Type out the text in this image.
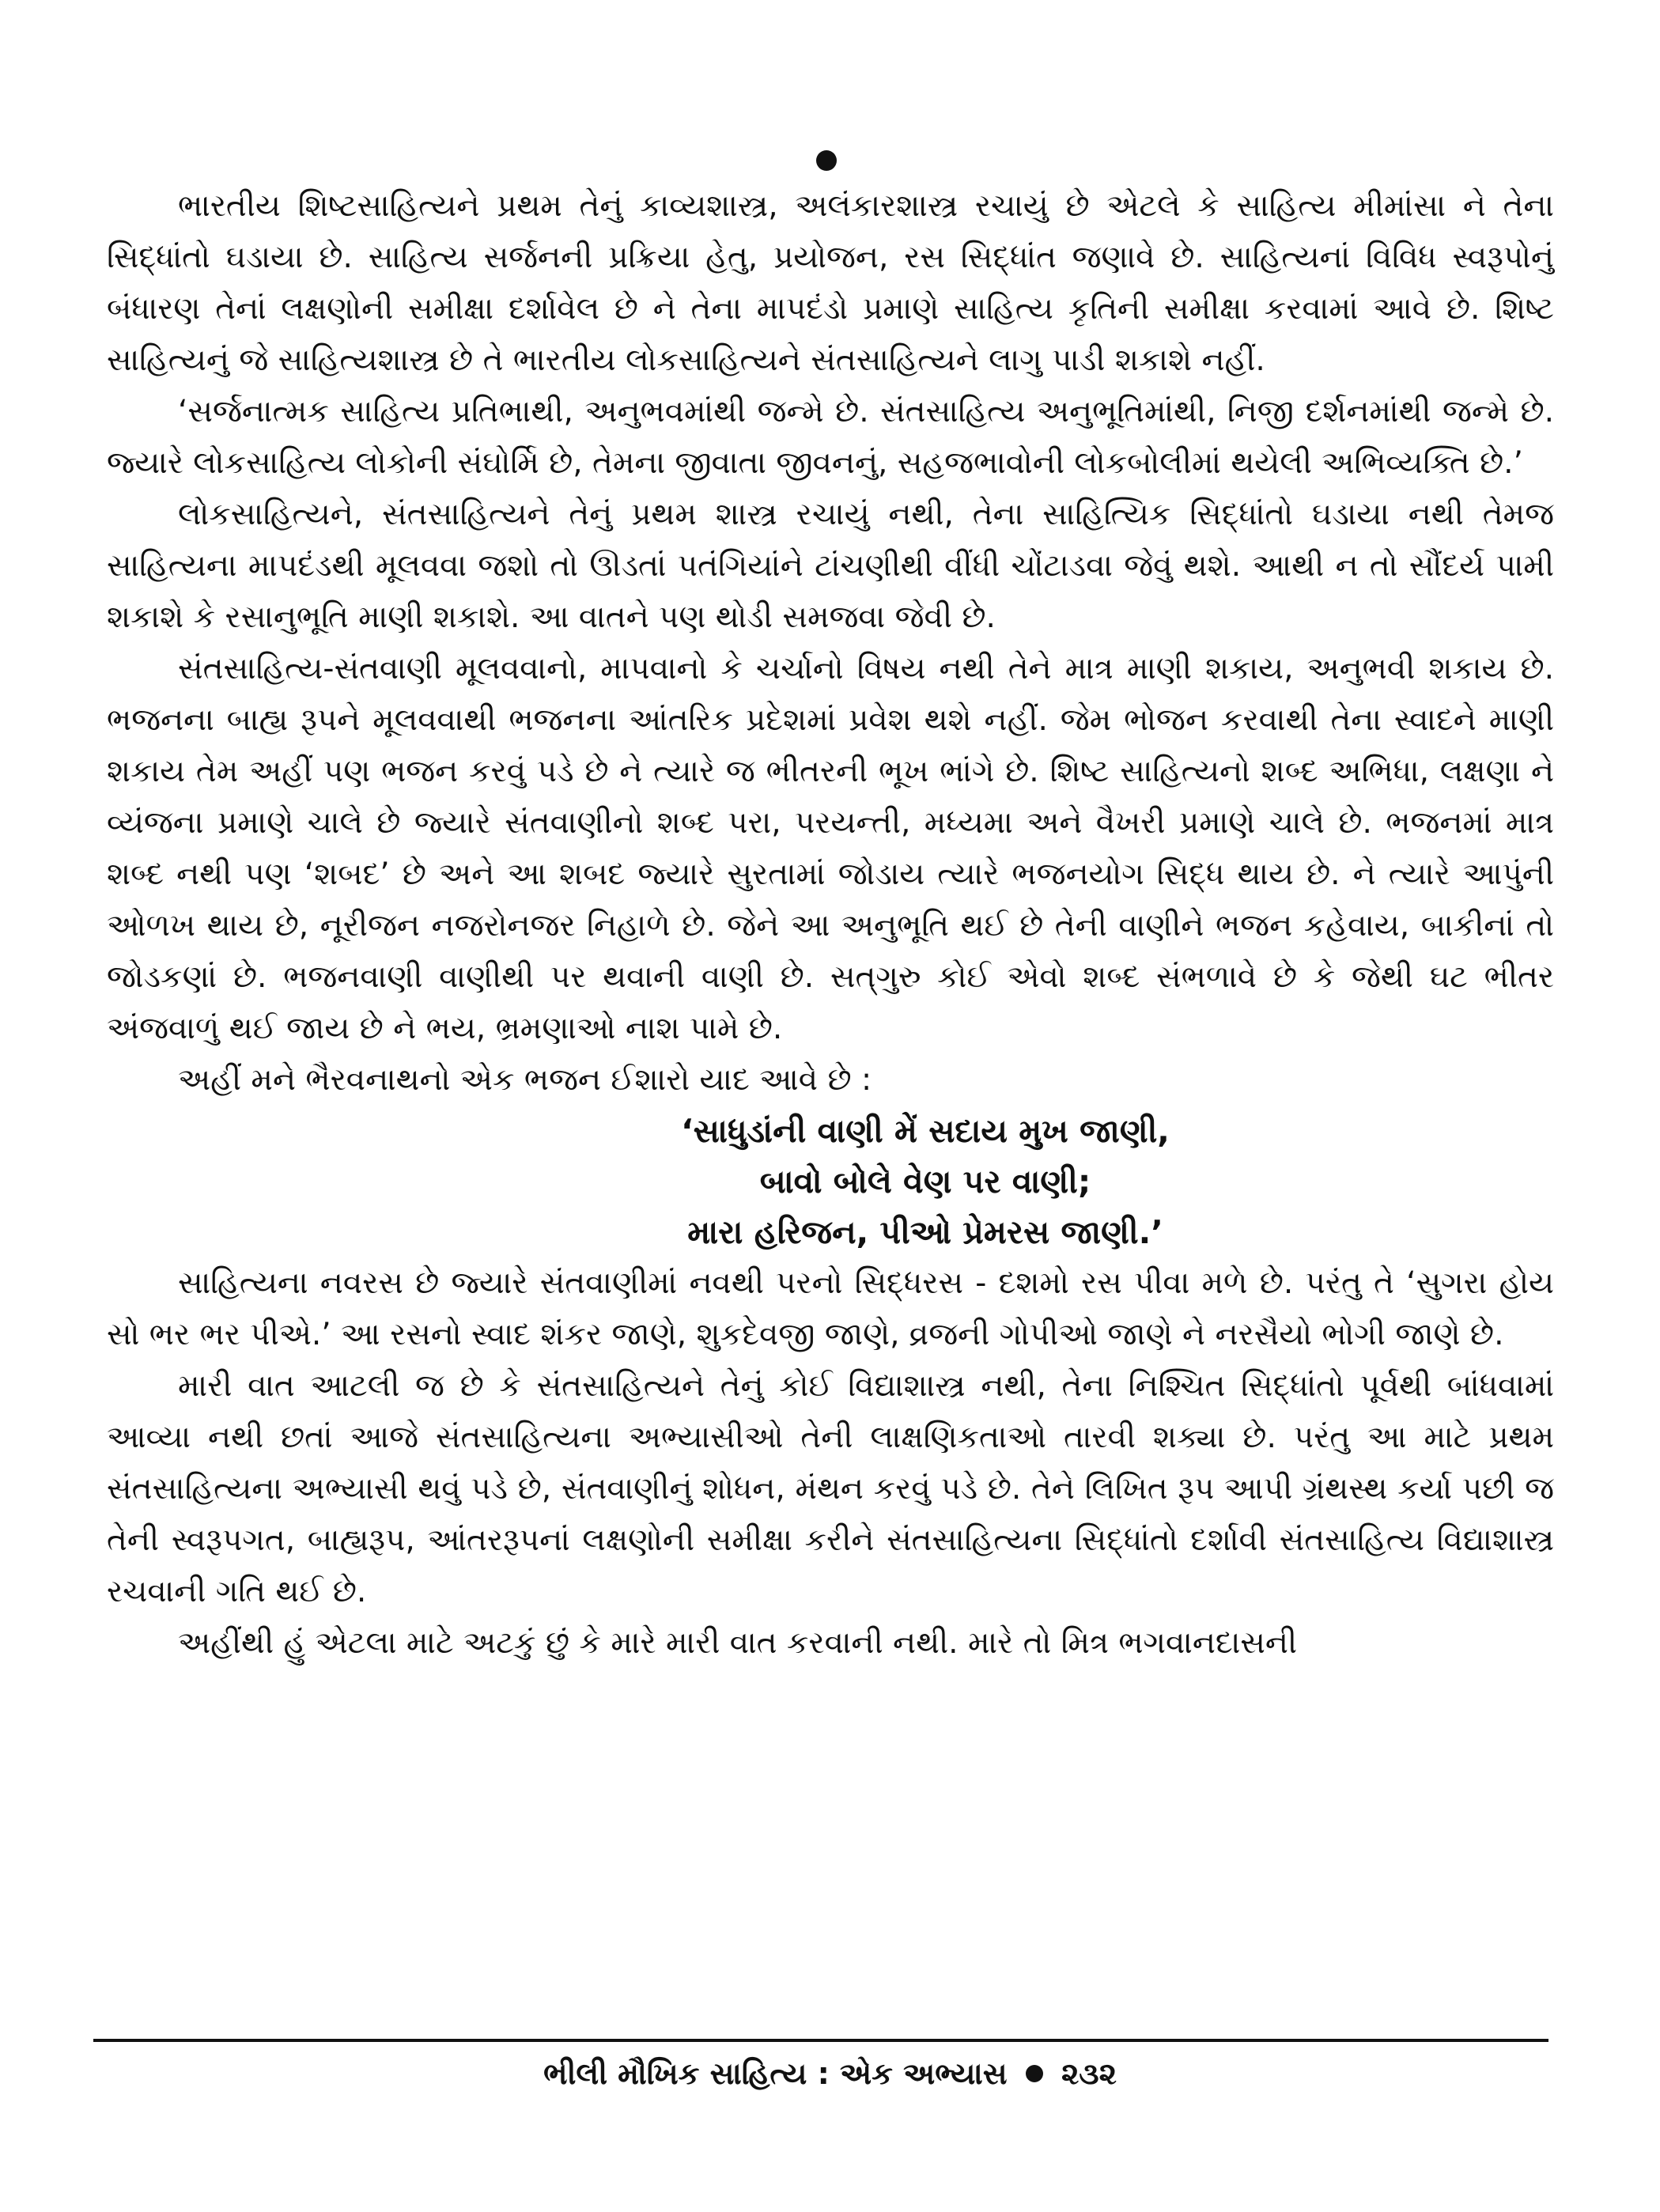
ભારતીય શિષ્ટસાહિત્યને પ્રથમ તેનું કાવ્યશાસ્ત્ર, અલંકારશાસ્ત્ર રચાયું છે એટલે કે સાહિત્ય મીમાંસા ને તેના સિદ્ધાંતો ઘડાયા છે. સાહિત્ય સર્જનની પ્રક્રિયા હેતુ, પ્રયોજન, રસ સિદ્ધાંત જણાવે છે. સાહિત્યનાં વિવિધ સ્વરૂપોનું બંધારણ તેનાં લક્ષણોની સમીક્ષા દર્શાવેલ છે ને તેના માપદંડો પ્રમાણે સાહિત્ય કૃતિની સમીક્ષા કરવામાં આવે છે. શિષ્ટ સાહિત્યનું જે સાહિત્યશાસ્ત્ર છે તે ભારતીય લોકસાહિત્યને સંતસાહિત્યને લાગુ પાડી શકાશે નહીં.

‘સર્જનાત્મક સાહિત્ય પ્રતિભાથી, અનુભવમાંથી જન્મે છે. સંતસાહિત્ય અનુભૂતિમાંથી, નિજી દર્શનમાંથી જન્મે છે. જ્યારે લોકસાહિત્ય લોકોની સંઘોર્મિ છે, તેમના જીવાતા જીવનનું, સહજભાવોની લોકબોલીમાં થયેલી અભિવ્યક્તિ છે.’

લોકસાહિત્યને, સંતસાહિત્યને તેનું પ્રથમ શાસ્ત્ર રચાયું નથી, તેના સાહિત્યિક સિદ્ધાંતો ઘડાયા નથી તેમજ સાહિત્યના માપદંડથી મૂલવવા જશો તો ઊડતાં પતંગિયાંને ટાંચણીથી વીંધી ચોંટાડવા જેવું થશે. આથી ન તો સૌંદર્ય પામી શકાશે કે રસાનુભૂતિ માણી શકાશે. આ વાતને પણ થોડી સમજવા જેવી છે.

સંતસાહિત્ય-સંતવાણી મૂલવવાનો, માપવાનો કે ચર્ચાનો વિષય નથી તેને માત્ર માણી શકાય, અનુભવી શકાય છે. ભજનના બાહ્ય રૂપને મૂલવવાથી ભજનના આંતરિક પ્રદેશમાં પ્રવેશ થશે નહીં. જેમ ભોજન કરવાથી તેના સ્વાદને માણી શકાય તેમ અહીં પણ ભજન કરવું પડે છે ને ત્યારે જ ભીતરની ભૂખ ભાંગે છે. શિષ્ટ સાહિત્યનો શબ્દ અભિધા, લક્ષણા ને વ્યંજના પ્રમાણે ચાલે છે જ્યારે સંતવાણીનો શબ્દ પરા, પરયન્તી, મધ્યમા અને વૈખરી પ્રમાણે ચાલે છે. ભજનમાં માત્ર શબ્દ નથી પણ ‘શબદ’ છે અને આ શબદ જ્યારે સુરતામાં જોડાય ત્યારે ભજનયોગ સિદ્ધ થાય છે. ને ત્યારે આપુંની ઓળખ થાય છે, નૂરીજન નજરોનજર નિહાળે છે. જેને આ અનુભૂતિ થઈ છે તેની વાણીને ભજન કહેવાય, બાકીનાં તો જોડકણાં છે. ભજનવાણી વાણીથી પર થવાની વાણી છે. સત્‌ગુરુ કોઈ એવો શબ્દ સંભળાવે છે કે જેથી ઘટ ભીતર અંજવાળું થઈ જાય છે ને ભય, ભ્રમણાઓ નાશ પામે છે.

અહીં મને ભૈરવનાથનો એક ભજન ઈશારો યાદ આવે છે :

‘સાધુડાંની વાણી મેં સદાય મુખ જાણી,
બાવો બોલે વેણ પર વાણી;
મારા હરિજન, પીઓ પ્રેમરસ જાણી.’

સાહિત્યના નવરસ છે જ્યારે સંતવાણીમાં નવથી પરનો સિદ્ધરસ - દશમો રસ પીવા મળે છે. પરંતુ તે ‘સુગરા હોય સો ભર ભર પીએ.’ આ રસનો સ્વાદ શંકર જાણે, શુકદેવજી જાણે, વ્રજની ગોપીઓ જાણે ને નરસૈયો ભોગી જાણે છે.

મારી વાત આટલી જ છે કે સંતસાહિત્યને તેનું કોઈ વિદ્યાશાસ્ત્ર નથી, તેના નિશ્ચિત સિદ્ધાંતો પૂર્વથી બાંધવામાં આવ્યા નથી છતાં આજે સંતસાહિત્યના અભ્યાસીઓ તેની લાક્ષણિકતાઓ તારવી શક્યા છે. પરંતુ આ માટે પ્રથમ સંતસાહિત્યના અભ્યાસી થવું પડે છે, સંતવાણીનું શોધન, મંથન કરવું પડે છે. તેને લિખિત રૂપ આપી ગ્રંથસ્થ કર્યા પછી જ તેની સ્વરૂપગત, બાહ્યરૂપ, આંતરરૂપનાં લક્ષણોની સમીક્ષા કરીને સંતસાહિત્યના સિદ્ધાંતો દર્શાવી સંતસાહિત્ય વિદ્યાશાસ્ત્ર રચવાની ગતિ થઈ છે.

અહીંથી હું એટલા માટે અટકું છું કે મારે મારી વાત કરવાની નથી. મારે તો મિત્ર ભગવાનદાસની

ભીલી મૌખિક સાહિત્ય : એક અભ્યાસ ૨૩૨
